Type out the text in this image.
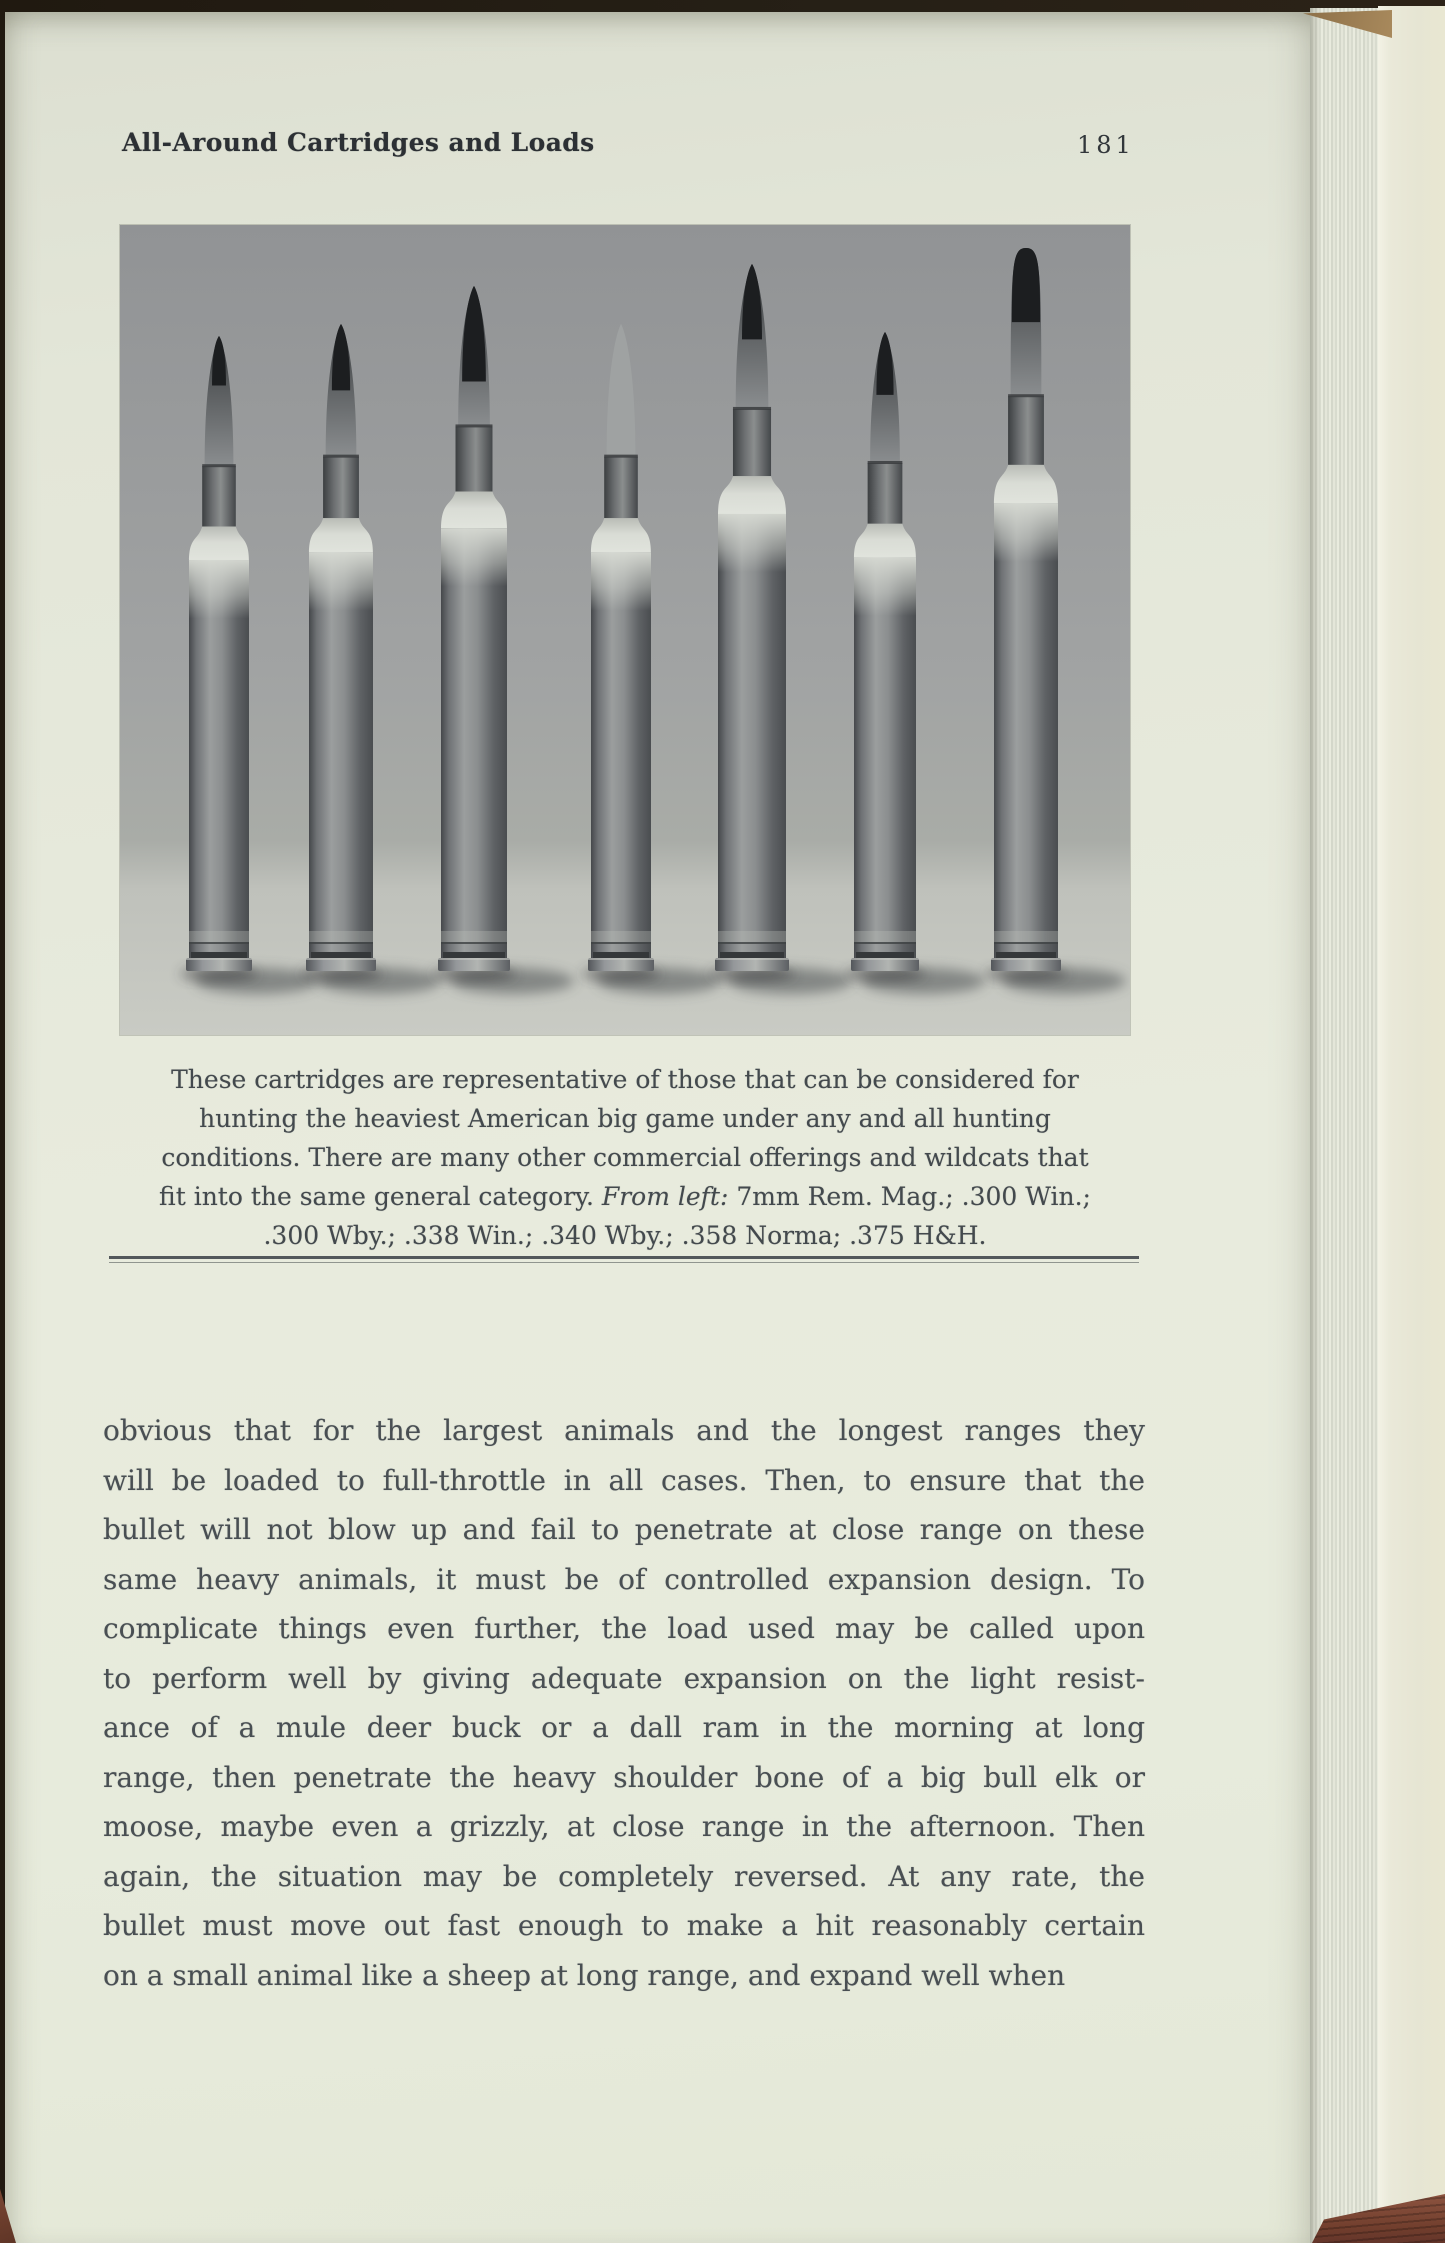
All-Around Cartridges and Loads	181
These cartridges are representative of those that can be considered for
hunting the heaviest American big game under any and all hunting
conditions. There are many other commercial offerings and wildcats that
fit into the same general category. From left: 7mm Rem. Mag.; .300 Win.;
.300 Wby.; .338 Win.; .340 Wby.; .358 Norma; .375 H&H.
obvious that for the largest animals and the longest ranges they
will be loaded to full-throttle in all cases. Then, to ensure that the
bullet will not blow up and fail to penetrate at close range on these
same heavy animals, it must be of controlled expansion design. To
complicate things even further, the load used may be called upon
to perform well by giving adequate expansion on the light resist-
ance of a mule deer buck or a dall ram in the morning at long
range, then penetrate the heavy shoulder bone of a big bull elk or
moose, maybe even a grizzly, at close range in the afternoon. Then
again, the situation may be completely reversed. At any rate, the
bullet must move out fast enough to make a hit reasonably certain
on a small animal like a sheep at long range, and expand well when
